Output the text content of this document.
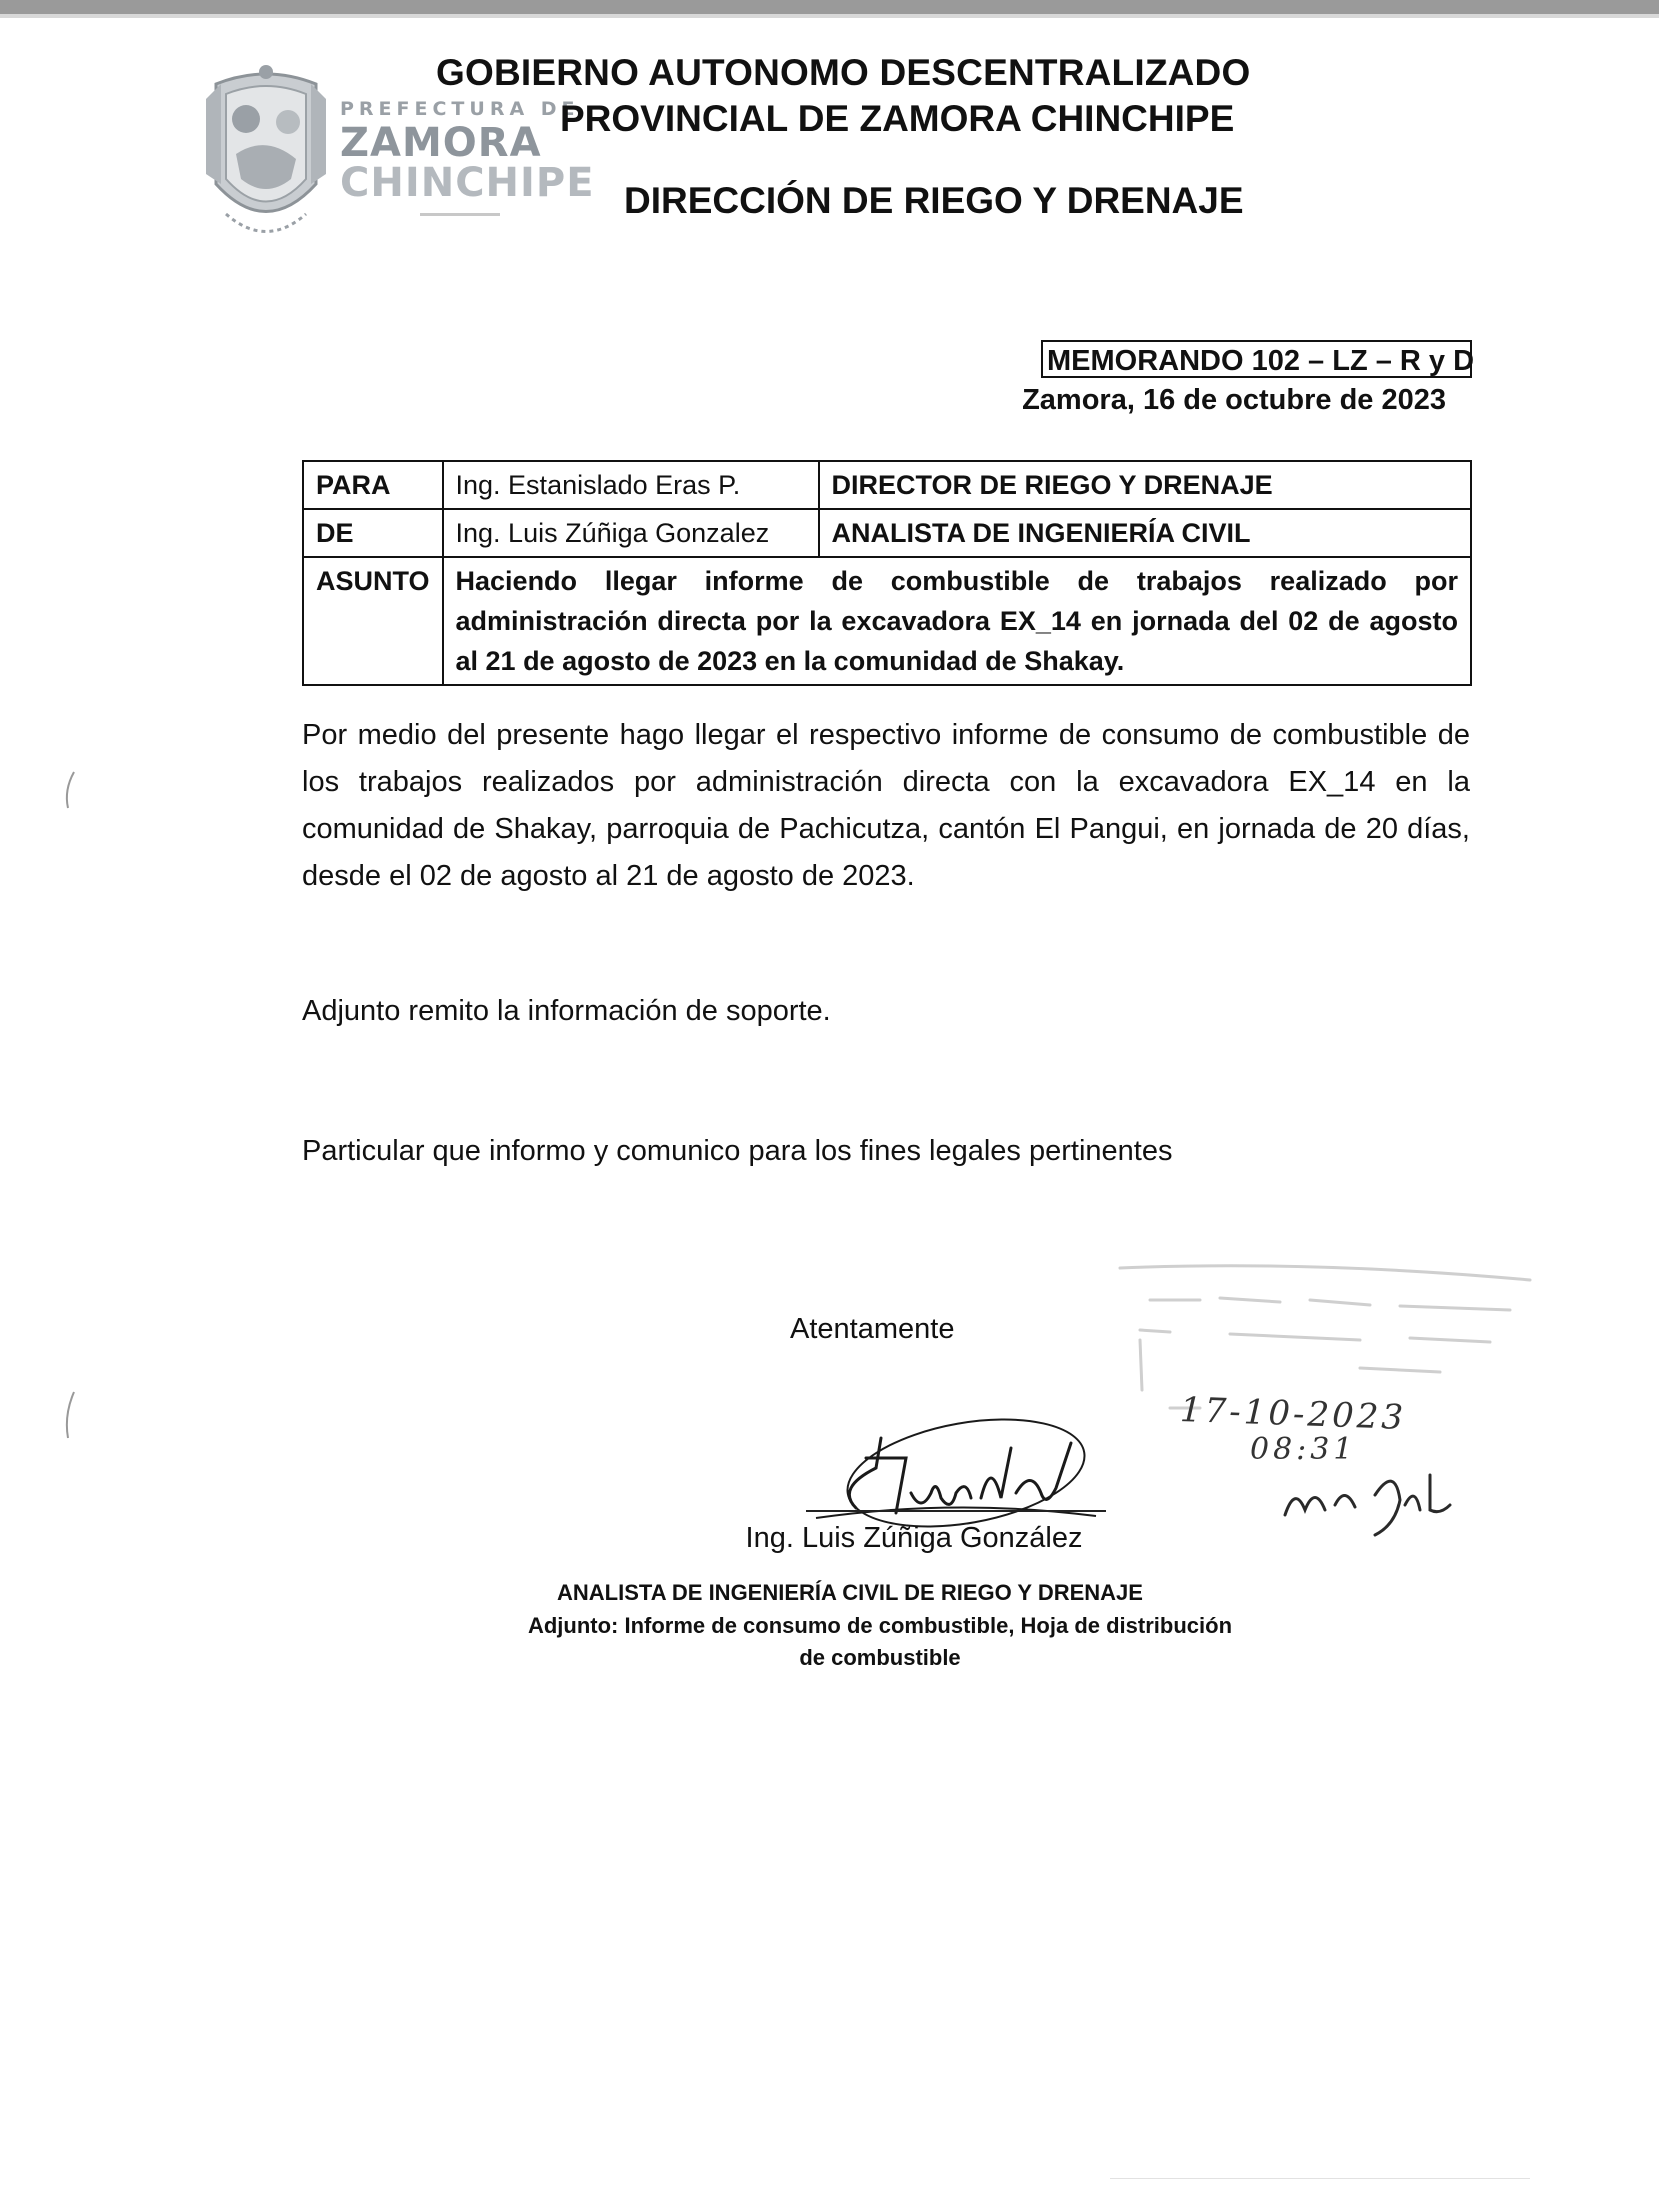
PREFECTURA DE
ZAMORA
CHINCHIPE
GOBIERNO AUTONOMO DESCENTRALIZADO
PROVINCIAL DE ZAMORA CHINCHIPE
DIRECCIÓN DE RIEGO Y DRENAJE
MEMORANDO 102 – LZ – R y D
Zamora, 16 de octubre de 2023
PARA	Ing. Estanislado Eras P.	DIRECTOR DE RIEGO Y DRENAJE
DE	Ing. Luis Zúñiga Gonzalez	ANALISTA DE INGENIERÍA CIVIL
ASUNTO	Haciendo llegar informe de combustible de trabajos realizado por administración directa por la excavadora EX_14 en jornada del 02 de agosto al 21 de agosto de 2023 en la comunidad de Shakay.	
Por medio del presente hago llegar el respectivo informe de consumo de combustible de los trabajos realizados por administración directa con la excavadora EX_14 en la comunidad de Shakay, parroquia de Pachicutza, cantón El Pangui, en jornada de 20 días, desde el 02 de agosto al 21 de agosto de 2023.
Adjunto remito la información de soporte.
Particular que informo y comunico para los fines legales pertinentes
Atentamente
Ing. Luis Zúñiga González
ANALISTA DE INGENIERÍA CIVIL DE RIEGO Y DRENAJE
Adjunto: Informe de consumo de combustible, Hoja de distribución
de combustible
17-10-2023
08:31
